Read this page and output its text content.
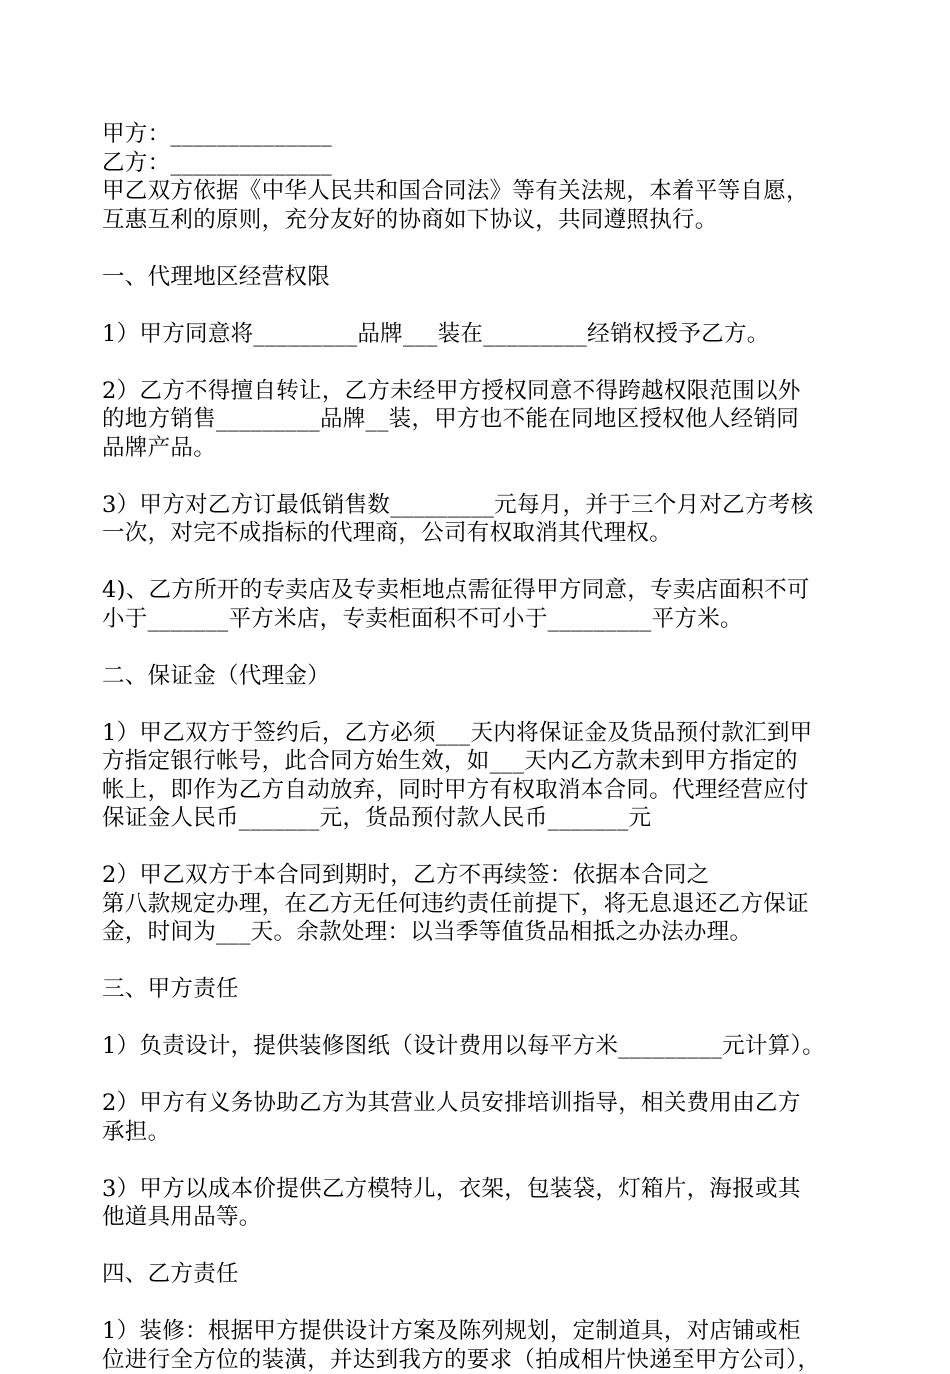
甲方：______________

乙方：______________

甲乙双方依据《中华人民共和国合同法》等有关法规，本着平等自愿，

互惠互利的原则，充分友好的协商如下协议，共同遵照执行。

一、代理地区经营权限

1）甲方同意将_________品牌___装在_________经销权授予乙方。

2）乙方不得擅自转让，乙方未经甲方授权同意不得跨越权限范围以外

的地方销售_________品牌__装，甲方也不能在同地区授权他人经销同

品牌产品。

3）甲方对乙方订最低销售数_________元每月，并于三个月对乙方考核

一次，对完不成指标的代理商，公司有权取消其代理权。

4)、乙方所开的专卖店及专卖柜地点需征得甲方同意，专卖店面积不可

小于_______平方米店，专卖柜面积不可小于_________平方米。

二、保证金（代理金）

1）甲乙双方于签约后，乙方必须___天内将保证金及货品预付款汇到甲

方指定银行帐号，此合同方始生效，如___天内乙方款未到甲方指定的

帐上，即作为乙方自动放弃，同时甲方有权取消本合同。代理经营应付

保证金人民币_______元，货品预付款人民币_______元

2）甲乙双方于本合同到期时，乙方不再续签：依据本合同之

第八款规定办理，在乙方无任何违约责任前提下，将无息退还乙方保证

金，时间为___天。余款处理：以当季等值货品相抵之办法办理。

三、甲方责任

1）负责设计，提供装修图纸（设计费用以每平方米_________元计算）。

2）甲方有义务协助乙方为其营业人员安排培训指导，相关费用由乙方

承担。

3）甲方以成本价提供乙方模特儿，衣架，包装袋，灯箱片，海报或其

他道具用品等。

四、乙方责任

1）装修：根据甲方提供设计方案及陈列规划，定制道具，对店铺或柜

位进行全方位的装潢，并达到我方的要求（拍成相片快递至甲方公司），
